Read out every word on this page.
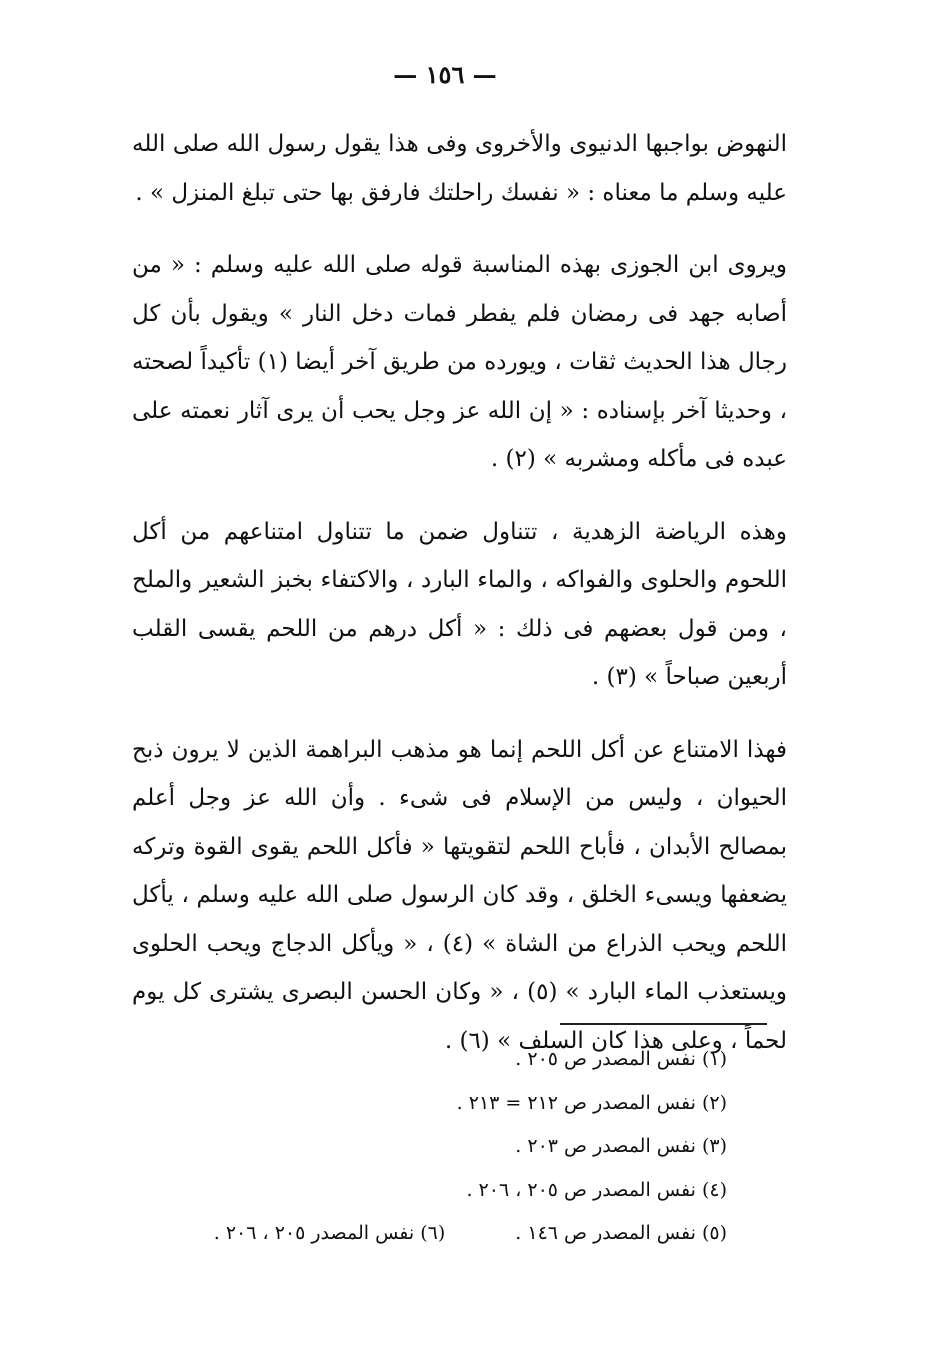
— ١٥٦ —

النهوض بواجبها الدنيوى والأخروى وفى هذا يقول رسول الله صلى الله عليه وسلم ما معناه : « نفسك راحلتك فارفق بها حتى تبلغ المنزل » .

ويروى ابن الجوزى بهذه المناسبة قوله صلى الله عليه وسلم : « من أصابه جهد فى رمضان فلم يفطر فمات دخل النار » ويقول بأن كل رجال هذا الحديث ثقات ، ويورده من طريق آخر أيضا (١) تأكيداً لصحته ، وحديثا آخر بإسناده : « إن الله عز وجل يحب أن يرى آثار نعمته على عبده فى مأكله ومشربه » (٢) .

وهذه الرياضة الزهدية ، تتناول ضمن ما تتناول امتناعهم من أكل اللحوم والحلوى والفواكه ، والماء البارد ، والاكتفاء بخبز الشعير والملح ، ومن قول بعضهم فى ذلك : « أكل درهم من اللحم يقسى القلب أربعين صباحاً » (٣) .

فهذا الامتناع عن أكل اللحم إنما هو مذهب البراهمة الذين لا يرون ذبح الحيوان ، وليس من الإسلام فى شىء . وأن الله عز وجل أعلم بمصالح الأبدان ، فأباح اللحم لتقويتها « فأكل اللحم يقوى القوة وتركه يضعفها ويسىء الخلق ، وقد كان الرسول صلى الله عليه وسلم ، يأكل اللحم ويحب الذراع من الشاة » (٤) ، « ويأكل الدجاج ويحب الحلوى ويستعذب الماء البارد » (٥) ، « وكان الحسن البصرى يشترى كل يوم لحماً ، وعلى هذا كان السلف » (٦) .

(١) نفس المصدر ص ٢٠٥ .
(٢) نفس المصدر ص ٢١٢ = ٢١٣ .
(٣) نفس المصدر ص ٢٠٣ .
(٤) نفس المصدر ص ٢٠٥ ، ٢٠٦ .
(٥) نفس المصدر ص ١٤٦ .(٦) نفس المصدر ٢٠٥ ، ٢٠٦ .
